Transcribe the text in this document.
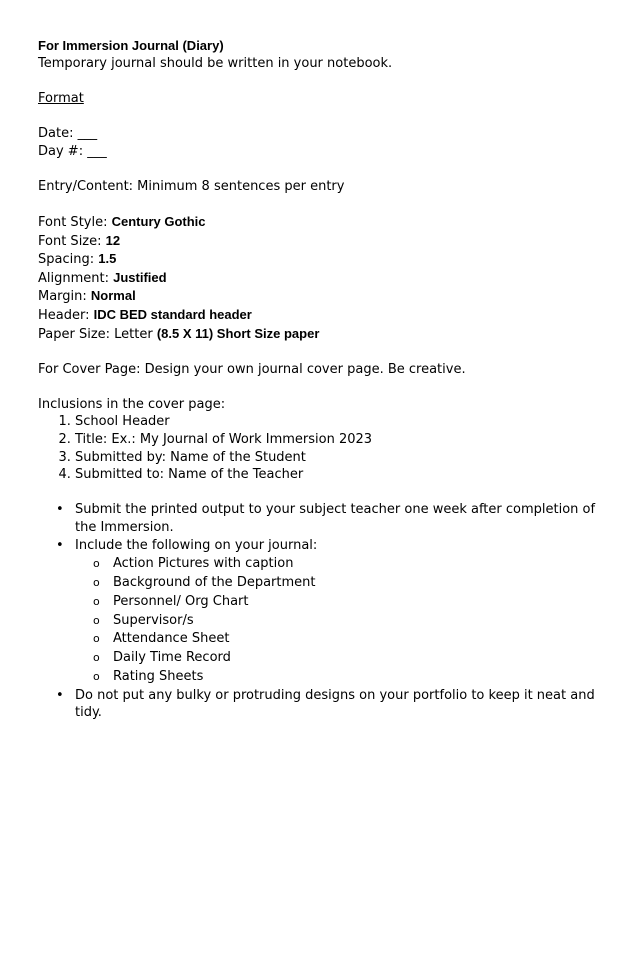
For Immersion Journal (Diary)
Temporary journal should be written in your notebook.
Format
Date: ___
Day #: ___
Entry/Content: Minimum 8 sentences per entry
Font Style: Century Gothic
Font Size: 12
Spacing: 1.5
Alignment: Justified
Margin: Normal
Header: IDC BED standard header
Paper Size: Letter (8.5 X 11) Short Size paper
For Cover Page: Design your own journal cover page. Be creative.
Inclusions in the cover page:
1. School Header
2. Title: Ex.: My Journal of Work Immersion 2023
3. Submitted by: Name of the Student
4. Submitted to: Name of the Teacher
• Submit the printed output to your subject teacher one week after completion of the Immersion.
• Include the following on your journal:
o Action Pictures with caption
o Background of the Department
o Personnel/ Org Chart
o Supervisor/s
o Attendance Sheet
o Daily Time Record
o Rating Sheets
• Do not put any bulky or protruding designs on your portfolio to keep it neat and tidy.
